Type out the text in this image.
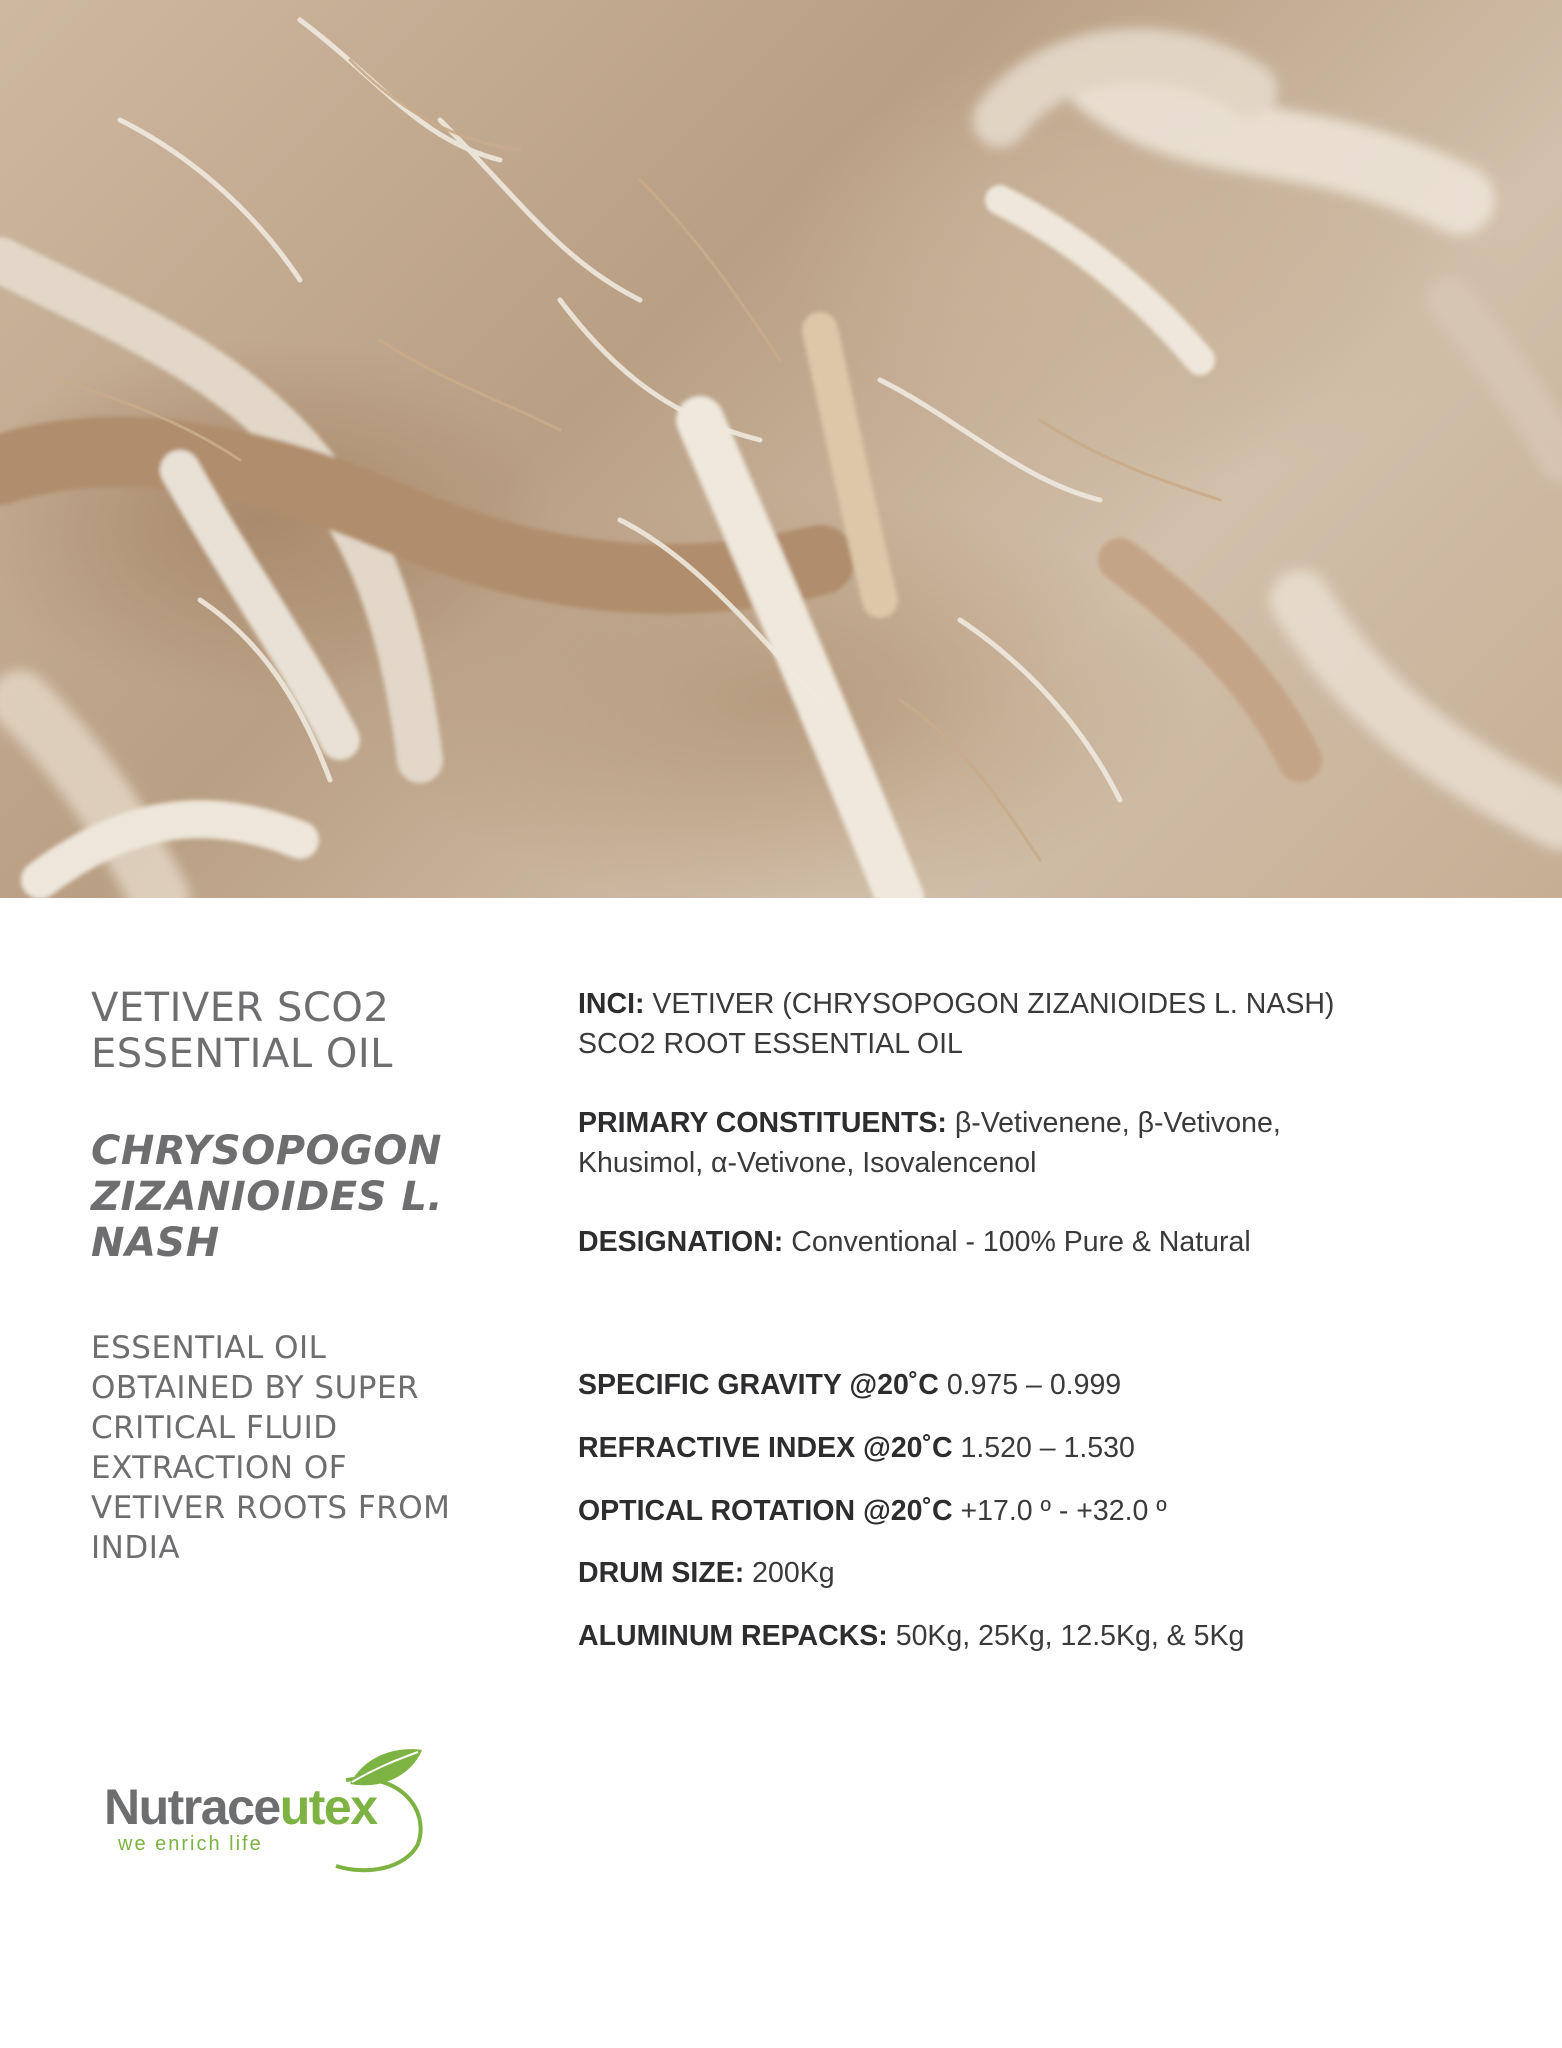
VETIVER SCO2
ESSENTIAL OIL
CHRYSOPOGON
ZIZANIOIDES L.
NASH

ESSENTIAL OIL
OBTAINED BY SUPER
CRITICAL FLUID
EXTRACTION OF
VETIVER ROOTS FROM
INDIA

INCI: VETIVER (CHRYSOPOGON ZIZANIOIDES L. NASH)
SCO2 ROOT ESSENTIAL OIL
PRIMARY CONSTITUENTS: β-Vetivenene, β-Vetivone,
Khusimol, α-Vetivone, Isovalencenol
DESIGNATION: Conventional - 100% Pure & Natural
SPECIFIC GRAVITY @20˚C 0.975 – 0.999
REFRACTIVE INDEX @20˚C 1.520 – 1.530
OPTICAL ROTATION @20˚C +17.0 º - +32.0 º
DRUM SIZE: 200Kg
ALUMINUM REPACKS: 50Kg, 25Kg, 12.5Kg, & 5Kg
Nutraceutex
we enrich life
